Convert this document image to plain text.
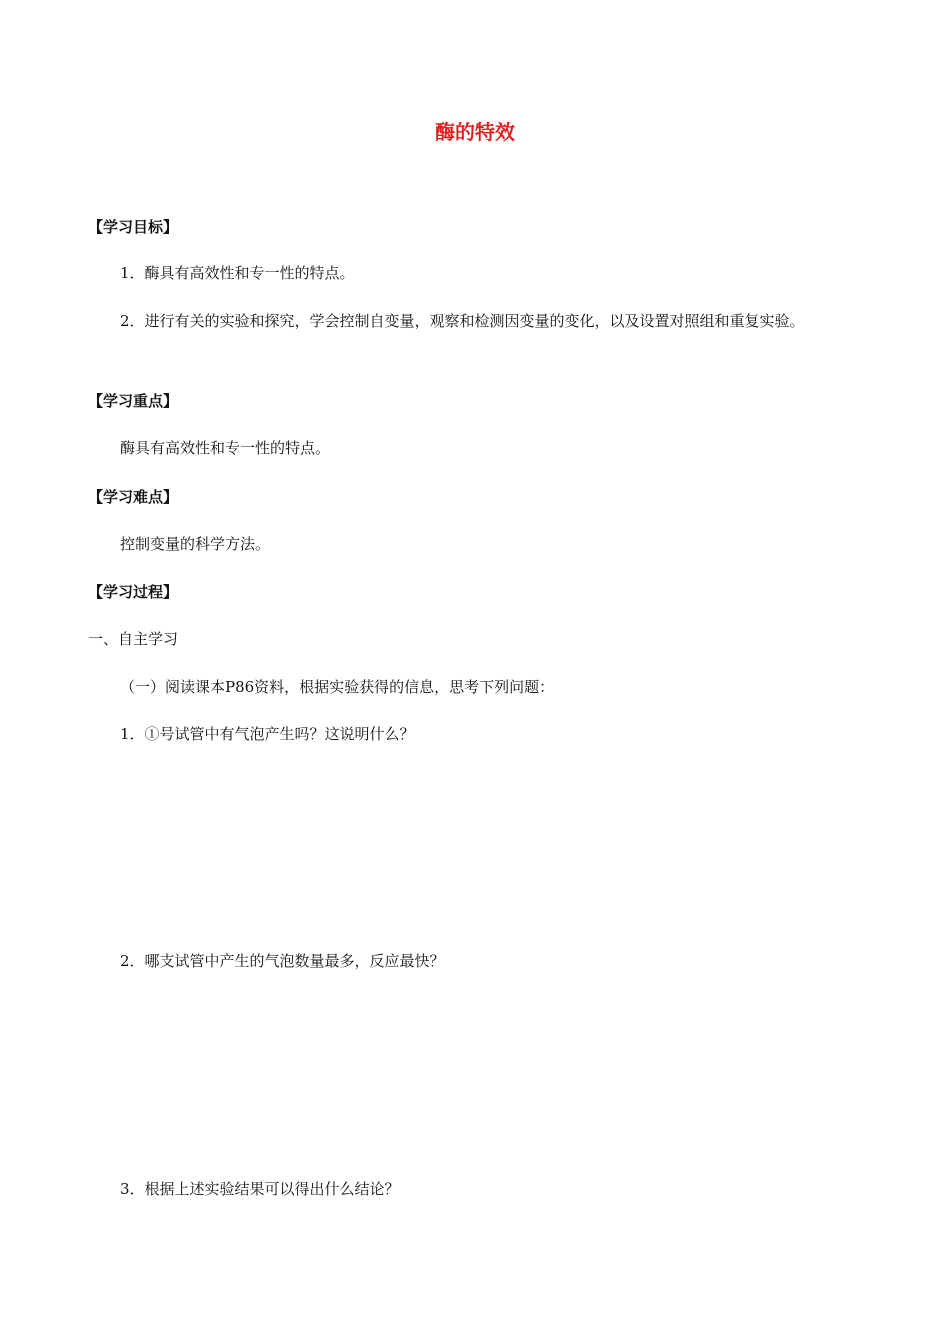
酶的特效
【学习目标】
1．酶具有高效性和专一性的特点。
2．进行有关的实验和探究，学会控制自变量，观察和检测因变量的变化，以及设置对照组和重复实验。
【学习重点】
酶具有高效性和专一性的特点。
【学习难点】
控制变量的科学方法。
【学习过程】
一、自主学习
（一）阅读课本P86资料，根据实验获得的信息，思考下列问题：
1．①号试管中有气泡产生吗？这说明什么？
2．哪支试管中产生的气泡数量最多，反应最快？
3．根据上述实验结果可以得出什么结论？
